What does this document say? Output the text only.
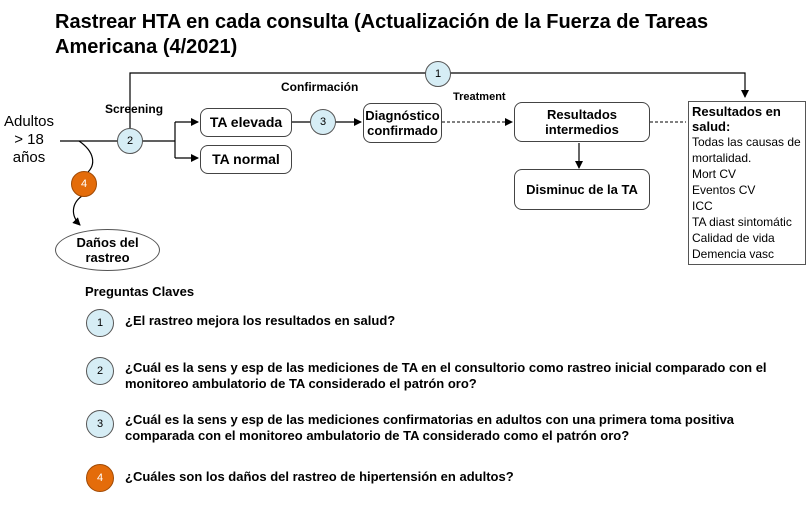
Rastrear HTA en cada consulta (Actualización de la Fuerza de Tareas Americana (4/2021)
Adultos > 18 años
Screening
Confirmación
Treatment
TA elevada
TA normal
Diagnóstico confirmado
Resultados intermedios
Disminuc de la TA
Resultados en salud:
Todas las causas de mortalidad.
Mort CV
Eventos CV
ICC
TA diast sintomátic
Calidad de vida
Demencia vasc
Daños del rastreo
1
2
3
4
Preguntas Claves
1	¿El rastreo mejora los resultados en salud?
2	¿Cuál es la sens y esp de las mediciones de TA en el consultorio como rastreo inicial comparado con el monitoreo ambulatorio de TA considerado el patrón oro?
3	¿Cuál es la sens y esp de las mediciones confirmatorias en adultos con una primera toma positiva comparada con el monitoreo ambulatorio de TA considerado como el patrón oro?
4	¿Cuáles son los daños del rastreo de hipertensión en adultos?
